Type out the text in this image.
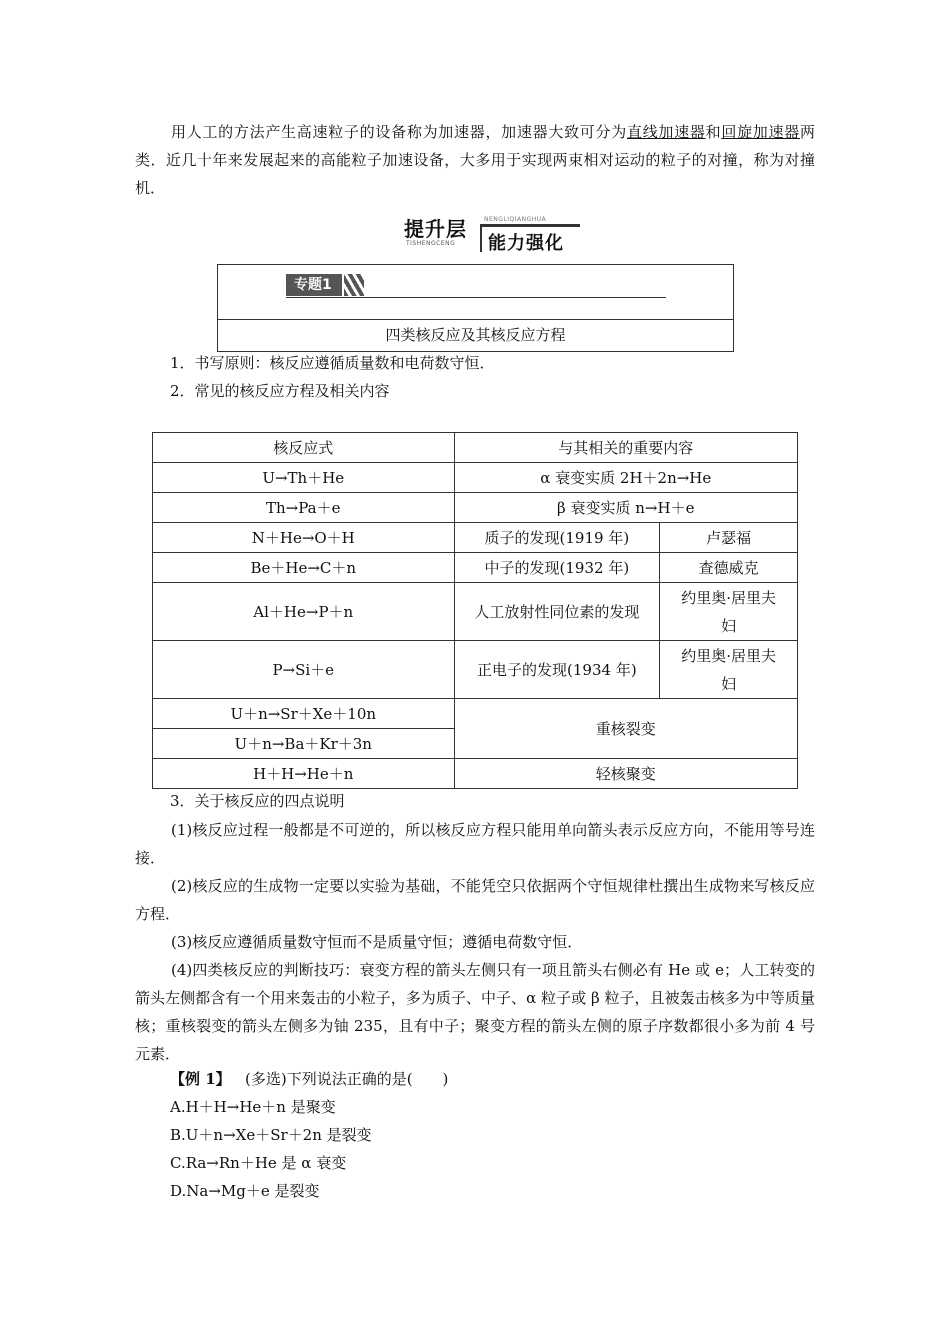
用人工的方法产生高速粒子的设备称为加速器，加速器大致可分为直线加速器和回旋加速器两类．近几十年来发展起来的高能粒子加速设备，大多用于实现两束相对运动的粒子的对撞，称为对撞机．
提升层
TISHENGCENG
NENGLIQIANGHUA
能力强化
专题1
四类核反应及其核反应方程
1．书写原则：核反应遵循质量数和电荷数守恒．
2．常见的核反应方程及相关内容
核反应式	与其相关的重要内容	
U→Th＋He	α 衰变实质 2H＋2n→He	
Th→Pa＋e	β 衰变实质 n→H＋e	
N＋He→O＋H	质子的发现(1919 年)	卢瑟福
Be＋He→C＋n	中子的发现(1932 年)	查德威克
Al＋He→P＋n	人工放射性同位素的发现	约里奥·居里夫
妇

P→Si＋e	正电子的发现(1934 年)	约里奥·居里夫
妇

U＋n→Sr＋Xe＋10n	重核裂变	
U＋n→Ba＋Kr＋3n		
H＋H→He＋n	轻核聚变	
3．关于核反应的四点说明
(1)核反应过程一般都是不可逆的，所以核反应方程只能用单向箭头表示反应方向，不能用等号连接．
(2)核反应的生成物一定要以实验为基础，不能凭空只依据两个守恒规律杜撰出生成物来写核反应方程．
(3)核反应遵循质量数守恒而不是质量守恒；遵循电荷数守恒．
(4)四类核反应的判断技巧：衰变方程的箭头左侧只有一项且箭头右侧必有 He 或 e；人工转变的箭头左侧都含有一个用来轰击的小粒子，多为质子、中子、α 粒子或 β 粒子，且被轰击核多为中等质量核；重核裂变的箭头左侧多为铀 235，且有中子；聚变方程的箭头左侧的原子序数都很小多为前 4 号元素．
【例 1】 (多选)下列说法正确的是(　　)
A.H＋H→He＋n 是聚变
B.U＋n→Xe＋Sr＋2n 是裂变
C.Ra→Rn＋He 是 α 衰变
D.Na→Mg＋e 是裂变
